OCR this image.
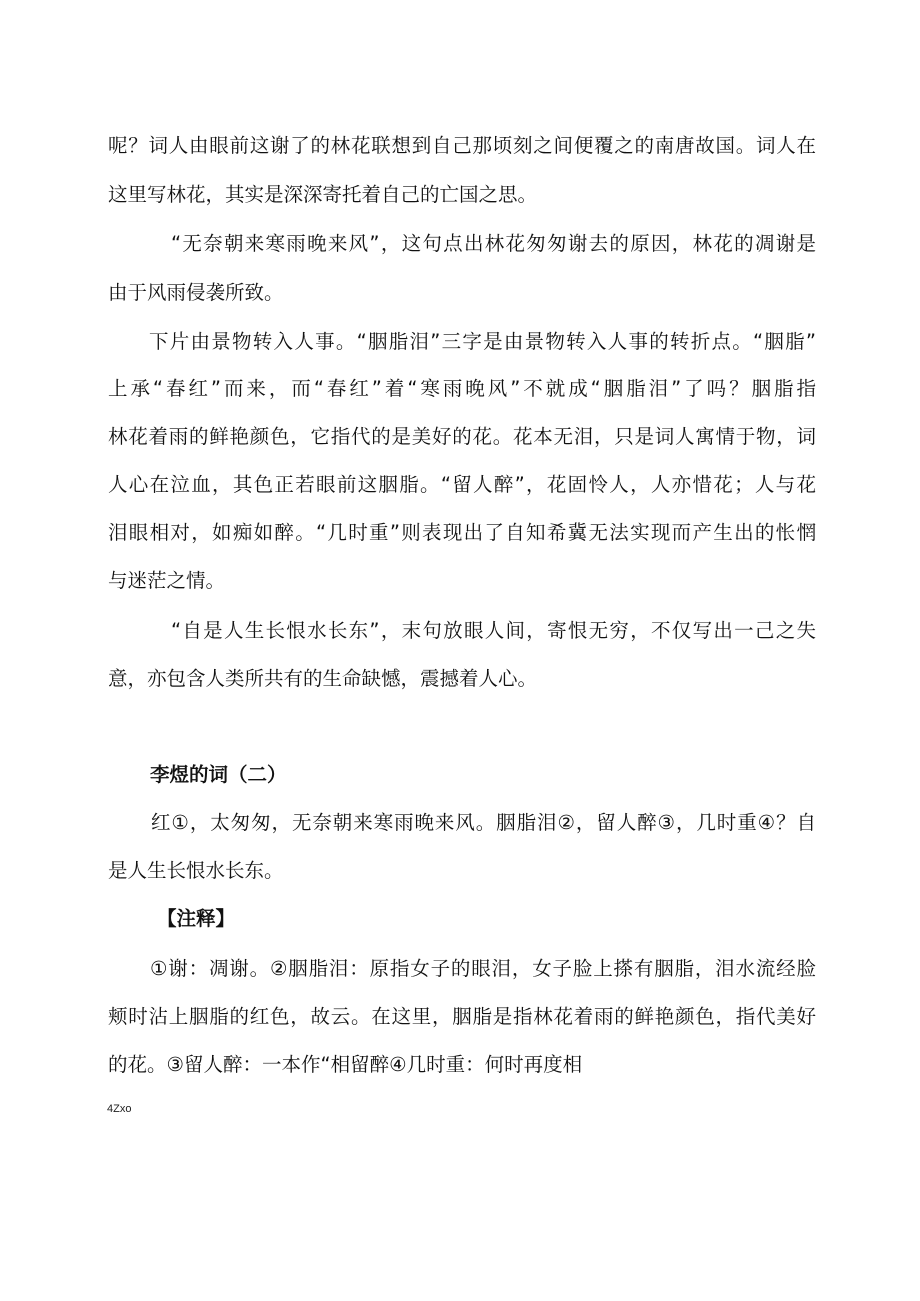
呢？词人由眼前这谢了的林花联想到自己那顷刻之间便覆之的南唐故国。词人在
这里写林花，其实是深深寄托着自己的亡国之思。
“无奈朝来寒雨晚来风”，这句点出林花匆匆谢去的原因，林花的凋谢是
由于风雨侵袭所致。
下片由景物转入人事。“胭脂泪”三字是由景物转入人事的转折点。“胭脂”
上承“春红”而来，而“春红”着“寒雨晚风”不就成“胭脂泪”了吗？胭脂指
林花着雨的鲜艳颜色，它指代的是美好的花。花本无泪，只是词人寓情于物，词
人心在泣血，其色正若眼前这胭脂。“留人醉”，花固怜人，人亦惜花；人与花
泪眼相对，如痴如醉。“几时重”则表现出了自知希冀无法实现而产生出的怅惘
与迷茫之情。
“自是人生长恨水长东”，末句放眼人间，寄恨无穷，不仅写出一己之失
意，亦包含人类所共有的生命缺憾，震撼着人心。
李煜的词（二）
红①，太匆匆，无奈朝来寒雨晚来风。胭脂泪②，留人醉③，几时重④？自
是人生长恨水长东。
【注释】
①谢：凋谢。②胭脂泪：原指女子的眼泪，女子脸上搽有胭脂，泪水流经脸
颊时沾上胭脂的红色，故云。在这里，胭脂是指林花着雨的鲜艳颜色，指代美好
的花。③留人醉：一本作“相留醉④几时重：何时再度相
4Zxo
